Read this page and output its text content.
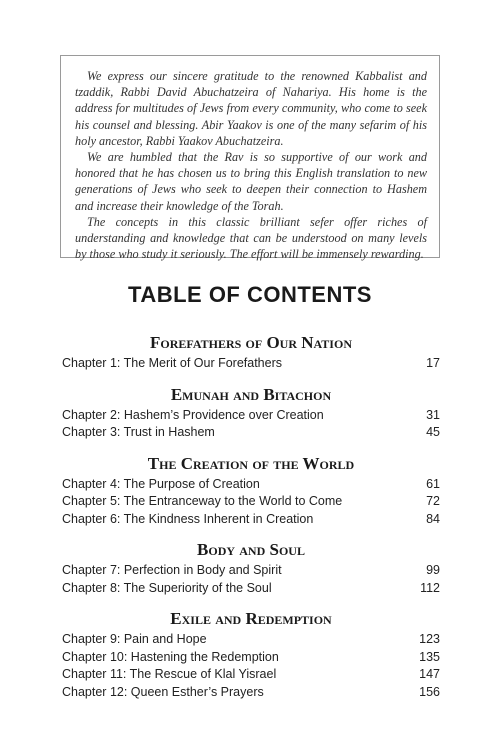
We express our sincere gratitude to the renowned Kabbalist and tzaddik, Rabbi David Abuchatzeira of Nahariya. His home is the address for multitudes of Jews from every community, who come to seek his counsel and blessing. Abir Yaakov is one of the many sefarim of his holy ancestor, Rabbi Yaakov Abuchatzeira.

We are humbled that the Rav is so supportive of our work and honored that he has chosen us to bring this English translation to new generations of Jews who seek to deepen their connection to Hashem and increase their knowledge of the Torah.

The concepts in this classic brilliant sefer offer riches of understanding and knowledge that can be understood on many levels by those who study it seriously. The effort will be immensely rewarding.

TABLE OF CONTENTS
Forefathers of Our Nation
Chapter 1: The Merit of Our Forefathers	17
Emunah and Bitachon
Chapter 2: Hashem’s Providence over Creation	31
Chapter 3: Trust in Hashem	45
The Creation of the World
Chapter 4: The Purpose of Creation	61
Chapter 5: The Entranceway to the World to Come	72
Chapter 6: The Kindness Inherent in Creation	84
Body and Soul
Chapter 7: Perfection in Body and Spirit	99
Chapter 8: The Superiority of the Soul	112
Exile and Redemption
Chapter 9: Pain and Hope	123
Chapter 10: Hastening the Redemption	135
Chapter 11: The Rescue of Klal Yisrael	147
Chapter 12: Queen Esther’s Prayers	156
